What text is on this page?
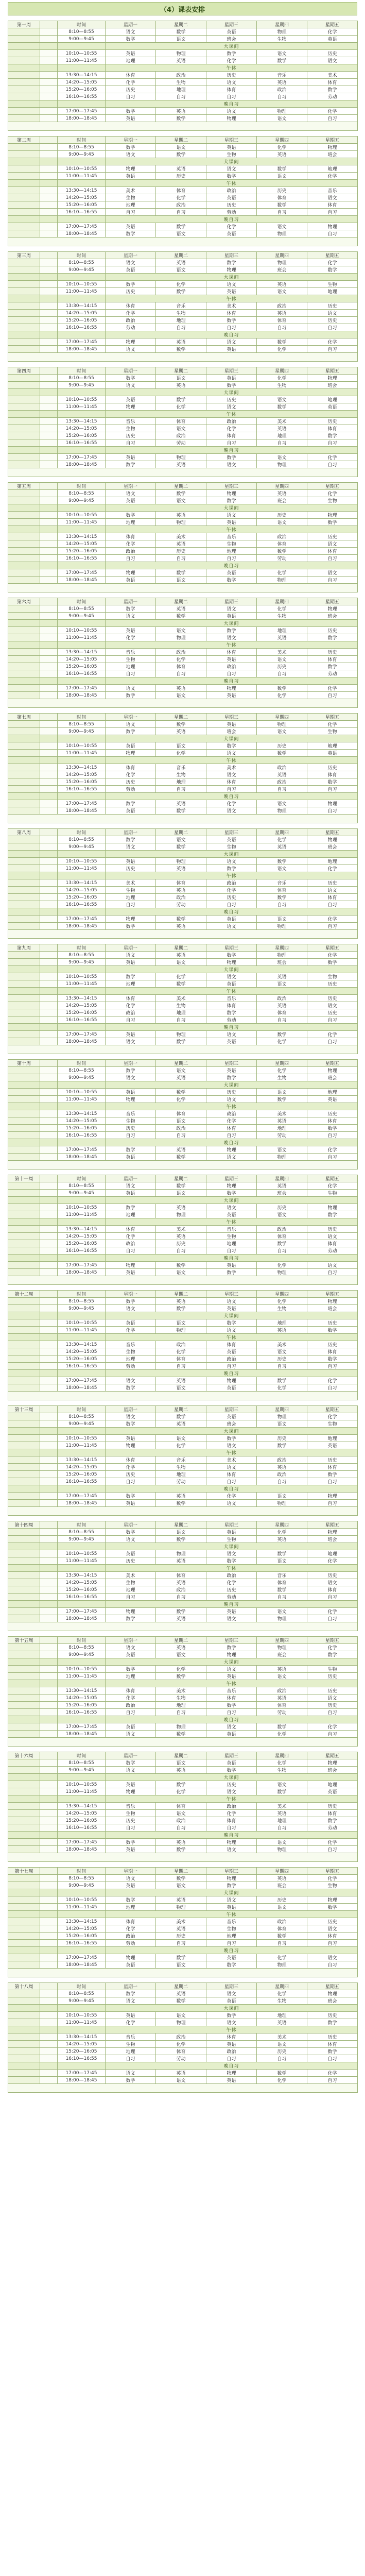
（4）课表安排
第一周		时间	星期一	星期二	星期三	星期四	星期五
		8:10—8:55	语文	数学	英语	物理	化学
		9:00—9:45	数学	语文	班会	生物	英语
			大课间				
		10:10—10:55	英语	物理	数学	语文	历史
		11:00—11:45	地理	英语	化学	数学	语文
			午休				
		13:30—14:15	体育	政治	历史	音乐	美术
		14:20—15:05	化学	生物	语文	英语	体育
		15:20—16:05	历史	地理	体育	政治	数学
		16:10—16:55	自习	自习	自习	自习	劳动
			晚自习				
		17:00—17:45	数学	英语	语文	物理	化学
		18:00—18:45	英语	数学	物理	语文	自习

第二周		时间	星期一	星期二	星期三	星期四	星期五
		8:10—8:55	数学	语文	英语	化学	物理
		9:00—9:45	语文	数学	生物	英语	班会
			大课间				
		10:10—10:55	物理	英语	语文	数学	地理
		11:00—11:45	英语	历史	数学	语文	化学
			午休				
		13:30—14:15	美术	体育	政治	历史	音乐
		14:20—15:05	生物	化学	英语	体育	语文
		15:20—16:05	地理	政治	历史	数学	体育
		16:10—16:55	自习	自习	劳动	自习	自习
			晚自习				
		17:00—17:45	英语	数学	化学	语文	物理
		18:00—18:45	数学	语文	英语	物理	自习

第三周		时间	星期一	星期二	星期三	星期四	星期五
		8:10—8:55	语文	英语	数学	物理	化学
		9:00—9:45	英语	语文	物理	班会	数学
			大课间				
		10:10—10:55	数学	化学	语文	英语	生物
		11:00—11:45	历史	数学	英语	语文	地理
			午休				
		13:30—14:15	体育	音乐	美术	政治	历史
		14:20—15:05	化学	生物	体育	英语	语文
		15:20—16:05	政治	地理	数学	体育	历史
		16:10—16:55	劳动	自习	自习	自习	自习
			晚自习				
		17:00—17:45	物理	英语	语文	数学	化学
		18:00—18:45	语文	数学	英语	化学	自习

第四周		时间	星期一	星期二	星期三	星期四	星期五
		8:10—8:55	数学	语文	英语	化学	物理
		9:00—9:45	语文	英语	数学	生物	班会
			大课间				
		10:10—10:55	英语	数学	历史	语文	地理
		11:00—11:45	物理	化学	语文	数学	英语
			午休				
		13:30—14:15	音乐	体育	政治	美术	历史
		14:20—15:05	生物	语文	化学	英语	体育
		15:20—16:05	历史	政治	体育	地理	数学
		16:10—16:55	自习	劳动	自习	自习	自习
			晚自习				
		17:00—17:45	英语	物理	数学	语文	化学
		18:00—18:45	数学	英语	语文	物理	自习

第五周		时间	星期一	星期二	星期三	星期四	星期五
		8:10—8:55	语文	数学	物理	英语	化学
		9:00—9:45	英语	语文	数学	班会	生物
			大课间				
		10:10—10:55	数学	英语	语文	历史	物理
		11:00—11:45	地理	物理	英语	语文	数学
			午休				
		13:30—14:15	体育	美术	音乐	政治	历史
		14:20—15:05	化学	英语	生物	体育	语文
		15:20—16:05	政治	历史	地理	数学	体育
		16:10—16:55	自习	自习	自习	劳动	自习
			晚自习				
		17:00—17:45	物理	数学	英语	化学	语文
		18:00—18:45	英语	语文	数学	物理	自习

第六周		时间	星期一	星期二	星期三	星期四	星期五
		8:10—8:55	数学	英语	语文	化学	物理
		9:00—9:45	语文	数学	英语	生物	班会
			大课间				
		10:10—10:55	英语	语文	数学	地理	历史
		11:00—11:45	化学	物理	语文	英语	数学
			午休				
		13:30—14:15	音乐	政治	体育	美术	历史
		14:20—15:05	生物	化学	英语	语文	体育
		15:20—16:05	地理	体育	政治	历史	数学
		16:10—16:55	自习	自习	自习	自习	劳动
			晚自习				
		17:00—17:45	语文	英语	物理	数学	化学
		18:00—18:45	数学	语文	英语	化学	自习

第七周		时间	星期一	星期二	星期三	星期四	星期五
		8:10—8:55	语文	数学	英语	物理	化学
		9:00—9:45	数学	英语	班会	语文	生物
			大课间				
		10:10—10:55	英语	语文	数学	历史	地理
		11:00—11:45	物理	化学	语文	数学	英语
			午休				
		13:30—14:15	体育	音乐	美术	政治	历史
		14:20—15:05	化学	生物	语文	英语	体育
		15:20—16:05	历史	地理	体育	政治	数学
		16:10—16:55	劳动	自习	自习	自习	自习
			晚自习				
		17:00—17:45	数学	英语	化学	语文	物理
		18:00—18:45	英语	数学	语文	物理	自习

第八周		时间	星期一	星期二	星期三	星期四	星期五
		8:10—8:55	数学	语文	英语	化学	物理
		9:00—9:45	语文	数学	生物	英语	班会
			大课间				
		10:10—10:55	英语	物理	语文	数学	地理
		11:00—11:45	历史	英语	数学	语文	化学
			午休				
		13:30—14:15	美术	体育	政治	音乐	历史
		14:20—15:05	生物	英语	化学	体育	语文
		15:20—16:05	地理	政治	历史	数学	体育
		16:10—16:55	自习	劳动	自习	自习	自习
			晚自习				
		17:00—17:45	物理	数学	英语	语文	化学
		18:00—18:45	数学	英语	语文	物理	自习

第九周		时间	星期一	星期二	星期三	星期四	星期五
		8:10—8:55	语文	英语	数学	物理	化学
		9:00—9:45	英语	语文	物理	班会	数学
			大课间				
		10:10—10:55	数学	化学	语文	英语	生物
		11:00—11:45	地理	数学	英语	语文	历史
			午休				
		13:30—14:15	体育	美术	音乐	政治	历史
		14:20—15:05	化学	生物	体育	英语	语文
		15:20—16:05	政治	地理	数学	体育	历史
		16:10—16:55	自习	自习	劳动	自习	自习
			晚自习				
		17:00—17:45	英语	物理	语文	数学	化学
		18:00—18:45	语文	数学	英语	化学	自习

第十周		时间	星期一	星期二	星期三	星期四	星期五
		8:10—8:55	数学	语文	英语	化学	物理
		9:00—9:45	语文	英语	数学	生物	班会
			大课间				
		10:10—10:55	英语	数学	历史	语文	地理
		11:00—11:45	物理	化学	语文	数学	英语
			午休				
		13:30—14:15	音乐	体育	政治	美术	历史
		14:20—15:05	生物	语文	化学	英语	体育
		15:20—16:05	历史	政治	体育	地理	数学
		16:10—16:55	自习	自习	自习	劳动	自习
			晚自习				
		17:00—17:45	数学	英语	物理	语文	化学
		18:00—18:45	英语	数学	语文	物理	自习

第十一周		时间	星期一	星期二	星期三	星期四	星期五
		8:10—8:55	语文	数学	物理	英语	化学
		9:00—9:45	英语	语文	数学	班会	生物
			大课间				
		10:10—10:55	数学	英语	语文	历史	物理
		11:00—11:45	地理	物理	英语	语文	数学
			午休				
		13:30—14:15	体育	美术	音乐	政治	历史
		14:20—15:05	化学	英语	生物	体育	语文
		15:20—16:05	政治	历史	地理	数学	体育
		16:10—16:55	自习	自习	自习	自习	劳动
			晚自习				
		17:00—17:45	物理	数学	英语	化学	语文
		18:00—18:45	英语	语文	数学	物理	自习

第十二周		时间	星期一	星期二	星期三	星期四	星期五
		8:10—8:55	数学	英语	语文	化学	物理
		9:00—9:45	语文	数学	英语	生物	班会
			大课间				
		10:10—10:55	英语	语文	数学	地理	历史
		11:00—11:45	化学	物理	语文	英语	数学
			午休				
		13:30—14:15	音乐	政治	体育	美术	历史
		14:20—15:05	生物	化学	英语	语文	体育
		15:20—16:05	地理	体育	政治	历史	数学
		16:10—16:55	劳动	自习	自习	自习	自习
			晚自习				
		17:00—17:45	语文	英语	物理	数学	化学
		18:00—18:45	数学	语文	英语	化学	自习

第十三周		时间	星期一	星期二	星期三	星期四	星期五
		8:10—8:55	语文	数学	英语	物理	化学
		9:00—9:45	数学	英语	班会	语文	生物
			大课间				
		10:10—10:55	英语	语文	数学	历史	地理
		11:00—11:45	物理	化学	语文	数学	英语
			午休				
		13:30—14:15	体育	音乐	美术	政治	历史
		14:20—15:05	化学	生物	语文	英语	体育
		15:20—16:05	历史	地理	体育	政治	数学
		16:10—16:55	自习	劳动	自习	自习	自习
			晚自习				
		17:00—17:45	数学	英语	化学	语文	物理
		18:00—18:45	英语	数学	语文	物理	自习

第十四周		时间	星期一	星期二	星期三	星期四	星期五
		8:10—8:55	数学	语文	英语	化学	物理
		9:00—9:45	语文	数学	生物	英语	班会
			大课间				
		10:10—10:55	英语	物理	语文	数学	地理
		11:00—11:45	历史	英语	数学	语文	化学
			午休				
		13:30—14:15	美术	体育	政治	音乐	历史
		14:20—15:05	生物	英语	化学	体育	语文
		15:20—16:05	地理	政治	历史	数学	体育
		16:10—16:55	自习	自习	劳动	自习	自习
			晚自习				
		17:00—17:45	物理	数学	英语	语文	化学
		18:00—18:45	数学	英语	语文	物理	自习

第十五周		时间	星期一	星期二	星期三	星期四	星期五
		8:10—8:55	语文	英语	数学	物理	化学
		9:00—9:45	英语	语文	物理	班会	数学
			大课间				
		10:10—10:55	数学	化学	语文	英语	生物
		11:00—11:45	地理	数学	英语	语文	历史
			午休				
		13:30—14:15	体育	美术	音乐	政治	历史
		14:20—15:05	化学	生物	体育	英语	语文
		15:20—16:05	政治	地理	数学	体育	历史
		16:10—16:55	自习	自习	自习	劳动	自习
			晚自习				
		17:00—17:45	英语	物理	语文	数学	化学
		18:00—18:45	语文	数学	英语	化学	自习

第十六周		时间	星期一	星期二	星期三	星期四	星期五
		8:10—8:55	数学	语文	英语	化学	物理
		9:00—9:45	语文	英语	数学	生物	班会
			大课间				
		10:10—10:55	英语	数学	历史	语文	地理
		11:00—11:45	物理	化学	语文	数学	英语
			午休				
		13:30—14:15	音乐	体育	政治	美术	历史
		14:20—15:05	生物	语文	化学	英语	体育
		15:20—16:05	历史	政治	体育	地理	数学
		16:10—16:55	自习	自习	自习	自习	劳动
			晚自习				
		17:00—17:45	数学	英语	物理	语文	化学
		18:00—18:45	英语	数学	语文	物理	自习

第十七周		时间	星期一	星期二	星期三	星期四	星期五
		8:10—8:55	语文	数学	物理	英语	化学
		9:00—9:45	英语	语文	数学	班会	生物
			大课间				
		10:10—10:55	数学	英语	语文	历史	物理
		11:00—11:45	地理	物理	英语	语文	数学
			午休				
		13:30—14:15	体育	美术	音乐	政治	历史
		14:20—15:05	化学	英语	生物	体育	语文
		15:20—16:05	政治	历史	地理	数学	体育
		16:10—16:55	劳动	自习	自习	自习	自习
			晚自习				
		17:00—17:45	物理	数学	英语	化学	语文
		18:00—18:45	英语	语文	数学	物理	自习

第十八周		时间	星期一	星期二	星期三	星期四	星期五
		8:10—8:55	数学	英语	语文	化学	物理
		9:00—9:45	语文	数学	英语	生物	班会
			大课间				
		10:10—10:55	英语	语文	数学	地理	历史
		11:00—11:45	化学	物理	语文	英语	数学
			午休				
		13:30—14:15	音乐	政治	体育	美术	历史
		14:20—15:05	生物	化学	英语	语文	体育
		15:20—16:05	地理	体育	政治	历史	数学
		16:10—16:55	自习	劳动	自习	自习	自习
			晚自习				
		17:00—17:45	语文	英语	物理	数学	化学
		18:00—18:45	数学	语文	英语	化学	自习
